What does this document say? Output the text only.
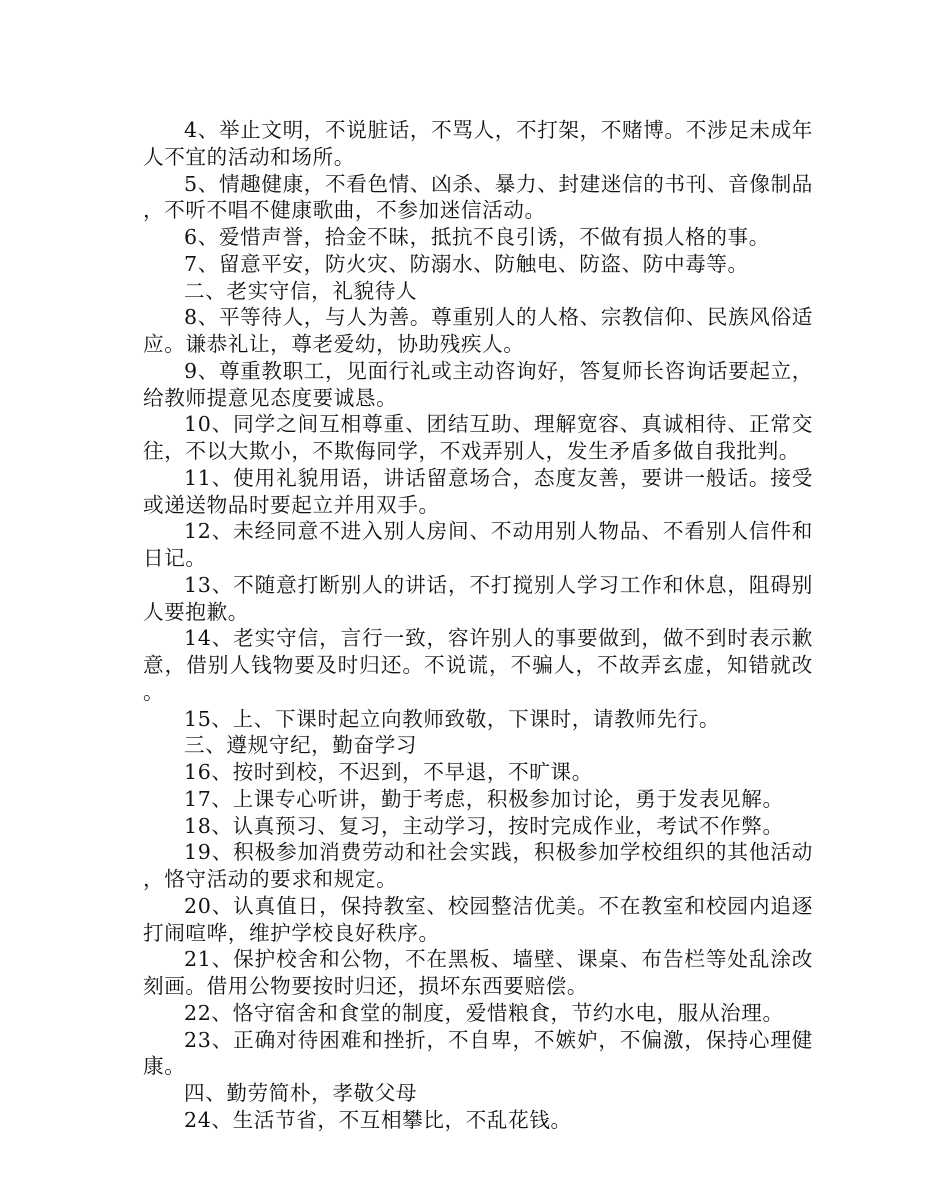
4、举止文明，不说脏话，不骂人，不打架，不赌博。不涉足未成年人不宜的活动和场所。

5、情趣健康，不看色情、凶杀、暴力、封建迷信的书刊、音像制品，不听不唱不健康歌曲，不参加迷信活动。

6、爱惜声誉，拾金不昧，抵抗不良引诱，不做有损人格的事。

7、留意平安，防火灾、防溺水、防触电、防盗、防中毒等。

二、老实守信，礼貌待人

8、平等待人，与人为善。尊重别人的人格、宗教信仰、民族风俗适应。谦恭礼让，尊老爱幼，协助残疾人。

9、尊重教职工，见面行礼或主动咨询好，答复师长咨询话要起立，给教师提意见态度要诚恳。

10、同学之间互相尊重、团结互助、理解宽容、真诚相待、正常交往，不以大欺小，不欺侮同学，不戏弄别人，发生矛盾多做自我批判。

11、使用礼貌用语，讲话留意场合，态度友善，要讲一般话。接受或递送物品时要起立并用双手。

12、未经同意不进入别人房间、不动用别人物品、不看别人信件和日记。

13、不随意打断别人的讲话，不打搅别人学习工作和休息，阻碍别人要抱歉。

14、老实守信，言行一致，容许别人的事要做到，做不到时表示歉意，借别人钱物要及时归还。不说谎，不骗人，不故弄玄虚，知错就改。

15、上、下课时起立向教师致敬，下课时，请教师先行。

三、遵规守纪，勤奋学习

16、按时到校，不迟到，不早退，不旷课。

17、上课专心听讲，勤于考虑，积极参加讨论，勇于发表见解。

18、认真预习、复习，主动学习，按时完成作业，考试不作弊。

19、积极参加消费劳动和社会实践，积极参加学校组织的其他活动，恪守活动的要求和规定。

20、认真值日，保持教室、校园整洁优美。不在教室和校园内追逐打闹喧哗，维护学校良好秩序。

21、保护校舍和公物，不在黑板、墙壁、课桌、布告栏等处乱涂改刻画。借用公物要按时归还，损坏东西要赔偿。

22、恪守宿舍和食堂的制度，爱惜粮食，节约水电，服从治理。

23、正确对待困难和挫折，不自卑，不嫉妒，不偏激，保持心理健康。

四、勤劳简朴，孝敬父母

24、生活节省，不互相攀比，不乱花钱。
